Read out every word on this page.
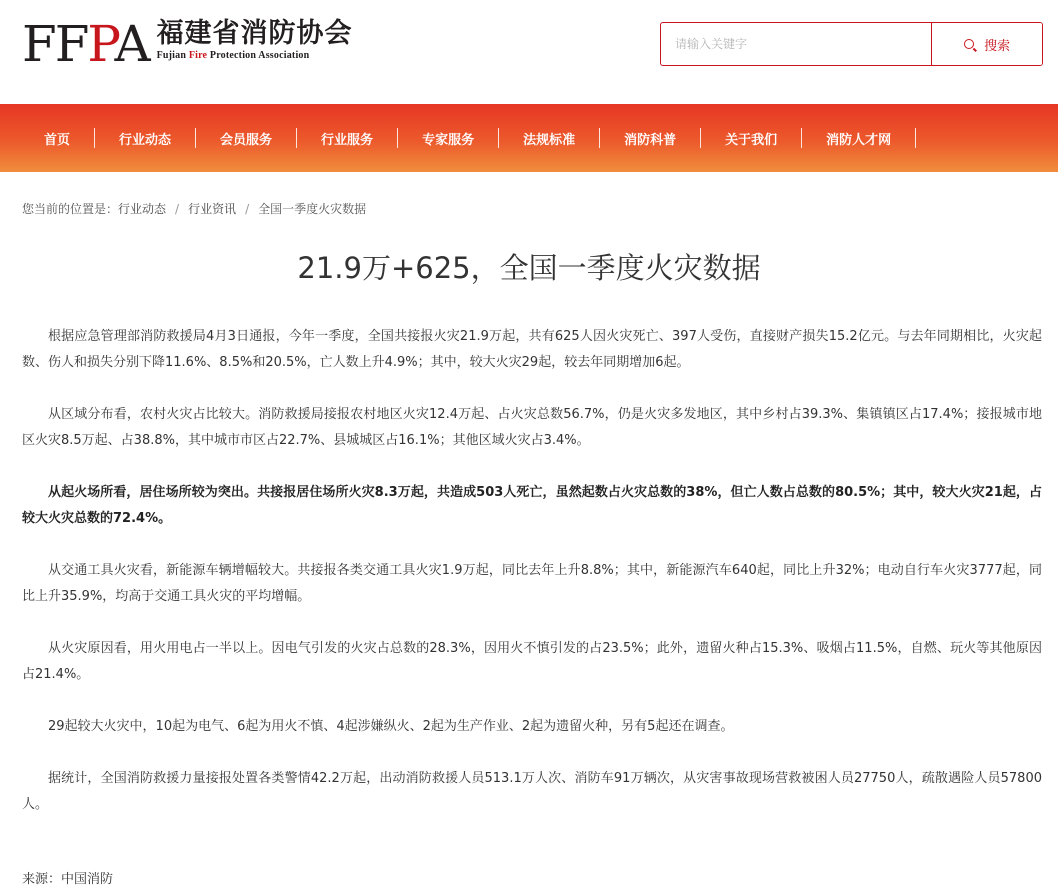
FFPA 福建省消防协会
Fujian Fire Protection Association
请输入关键字
搜索
首页	行业动态	会员服务	行业服务	专家服务	法规标准	消防科普	关于我们	消防人才网
您当前的位置是： 行业动态 / 行业资讯 / 全国一季度火灾数据
21.9万+625，全国一季度火灾数据

根据应急管理部消防救援局4月3日通报，今年一季度，全国共接报火灾21.9万起，共有625人因火灾死亡、397人受伤，直接财产损失15.2亿元。与去年同期相比，火灾起数、伤人和损失分别下降11.6%、8.5%和20.5%，亡人数上升4.9%；其中，较大火灾29起，较去年同期增加6起。

从区域分布看，农村火灾占比较大。消防救援局接报农村地区火灾12.4万起、占火灾总数56.7%，仍是火灾多发地区，其中乡村占39.3%、集镇镇区占17.4%；接报城市地区火灾8.5万起、占38.8%，其中城市市区占22.7%、县城城区占16.1%；其他区域火灾占3.4%。

从起火场所看，居住场所较为突出。共接报居住场所火灾8.3万起，共造成503人死亡，虽然起数占火灾总数的38%，但亡人数占总数的80.5%；其中，较大火灾21起，占较大火灾总数的72.4%。

从交通工具火灾看，新能源车辆增幅较大。共接报各类交通工具火灾1.9万起，同比去年上升8.8%；其中，新能源汽车640起，同比上升32%；电动自行车火灾3777起，同比上升35.9%，均高于交通工具火灾的平均增幅。

从火灾原因看，用火用电占一半以上。因电气引发的火灾占总数的28.3%，因用火不慎引发的占23.5%；此外，遗留火种占15.3%、吸烟占11.5%，自燃、玩火等其他原因占21.4%。

29起较大火灾中，10起为电气、6起为用火不慎、4起涉嫌纵火、2起为生产作业、2起为遗留火种，另有5起还在调查。

据统计，全国消防救援力量接报处置各类警情42.2万起，出动消防救援人员513.1万人次、消防车91万辆次，从灾害事故现场营救被困人员27750人，疏散遇险人员57800人。

来源：中国消防
